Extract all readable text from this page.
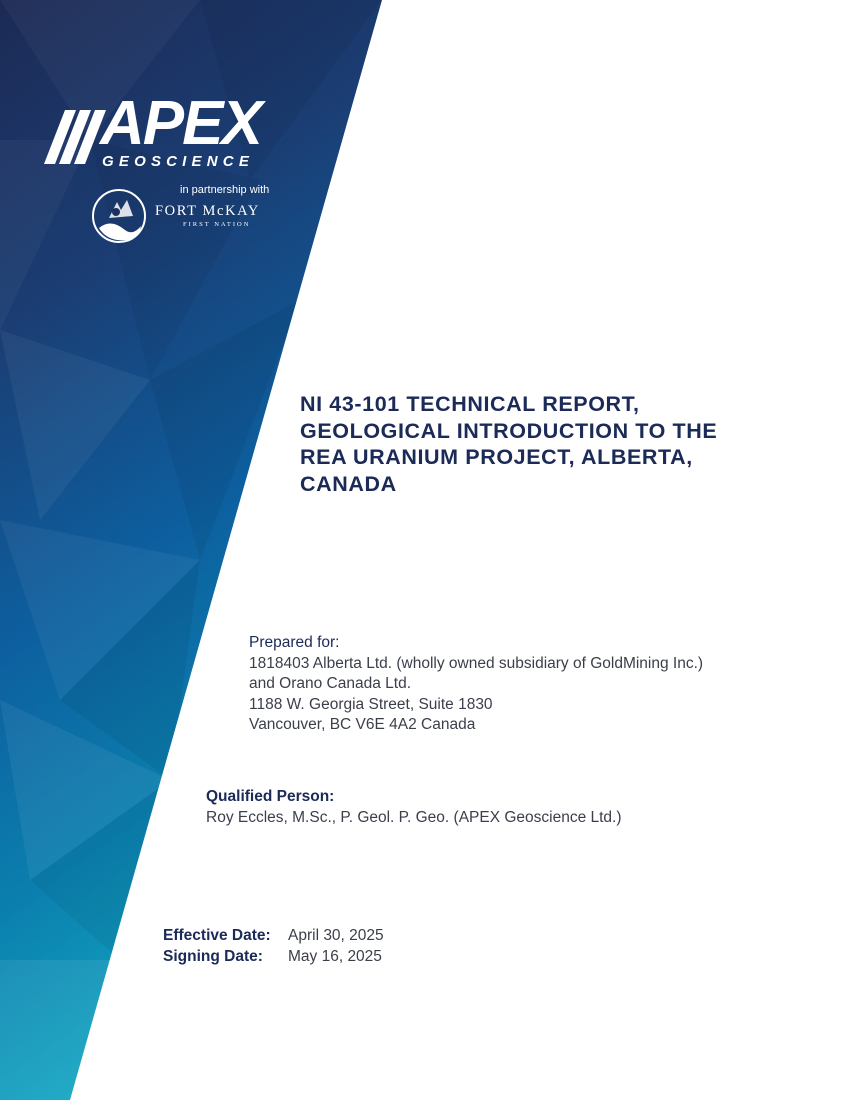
APEX
GEOSCIENCE
in partnership with
FORT McKAY
FIRST NATION
NI 43-101 TECHNICAL REPORT,
GEOLOGICAL INTRODUCTION TO THE
REA URANIUM PROJECT, ALBERTA,
CANADA
Prepared for:
1818403 Alberta Ltd. (wholly owned subsidiary of GoldMining Inc.)
and Orano Canada Ltd.
1188 W. Georgia Street, Suite 1830
Vancouver, BC V6E 4A2 Canada
Qualified Person:
Roy Eccles, M.Sc., P. Geol. P. Geo. (APEX Geoscience Ltd.)
Effective Date:	April 30, 2025
Signing Date:	May 16, 2025
